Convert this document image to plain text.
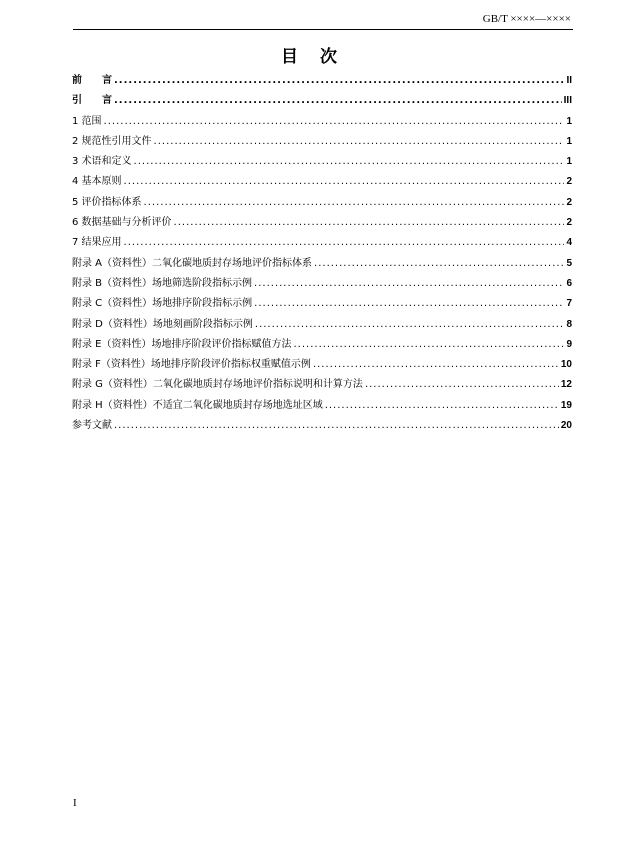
GB/T ××××—××××
目 次
前　　言 .....	II
引　　言 .....	III
1 范围 .....	1
2 规范性引用文件 .....	1
3 术语和定义 .....	1
4 基本原则 .....	2
5 评价指标体系 .....	2
6 数据基础与分析评价 .....	2
7 结果应用 .....	4
附录 A（资料性）二氧化碳地质封存场地评价指标体系 .....	5
附录 B（资料性）场地筛选阶段指标示例 .....	6
附录 C（资料性）场地排序阶段指标示例 .....	7
附录 D（资料性）场地刻画阶段指标示例 .....	8
附录 E（资料性）场地排序阶段评价指标赋值方法 .....	9
附录 F（资料性）场地排序阶段评价指标权重赋值示例 .....	10
附录 G（资料性）二氧化碳地质封存场地评价指标说明和计算方法 .....	12
附录 H（资料性）不适宜二氧化碳地质封存场地选址区域 .....	19
参考文献 .....	20
I
